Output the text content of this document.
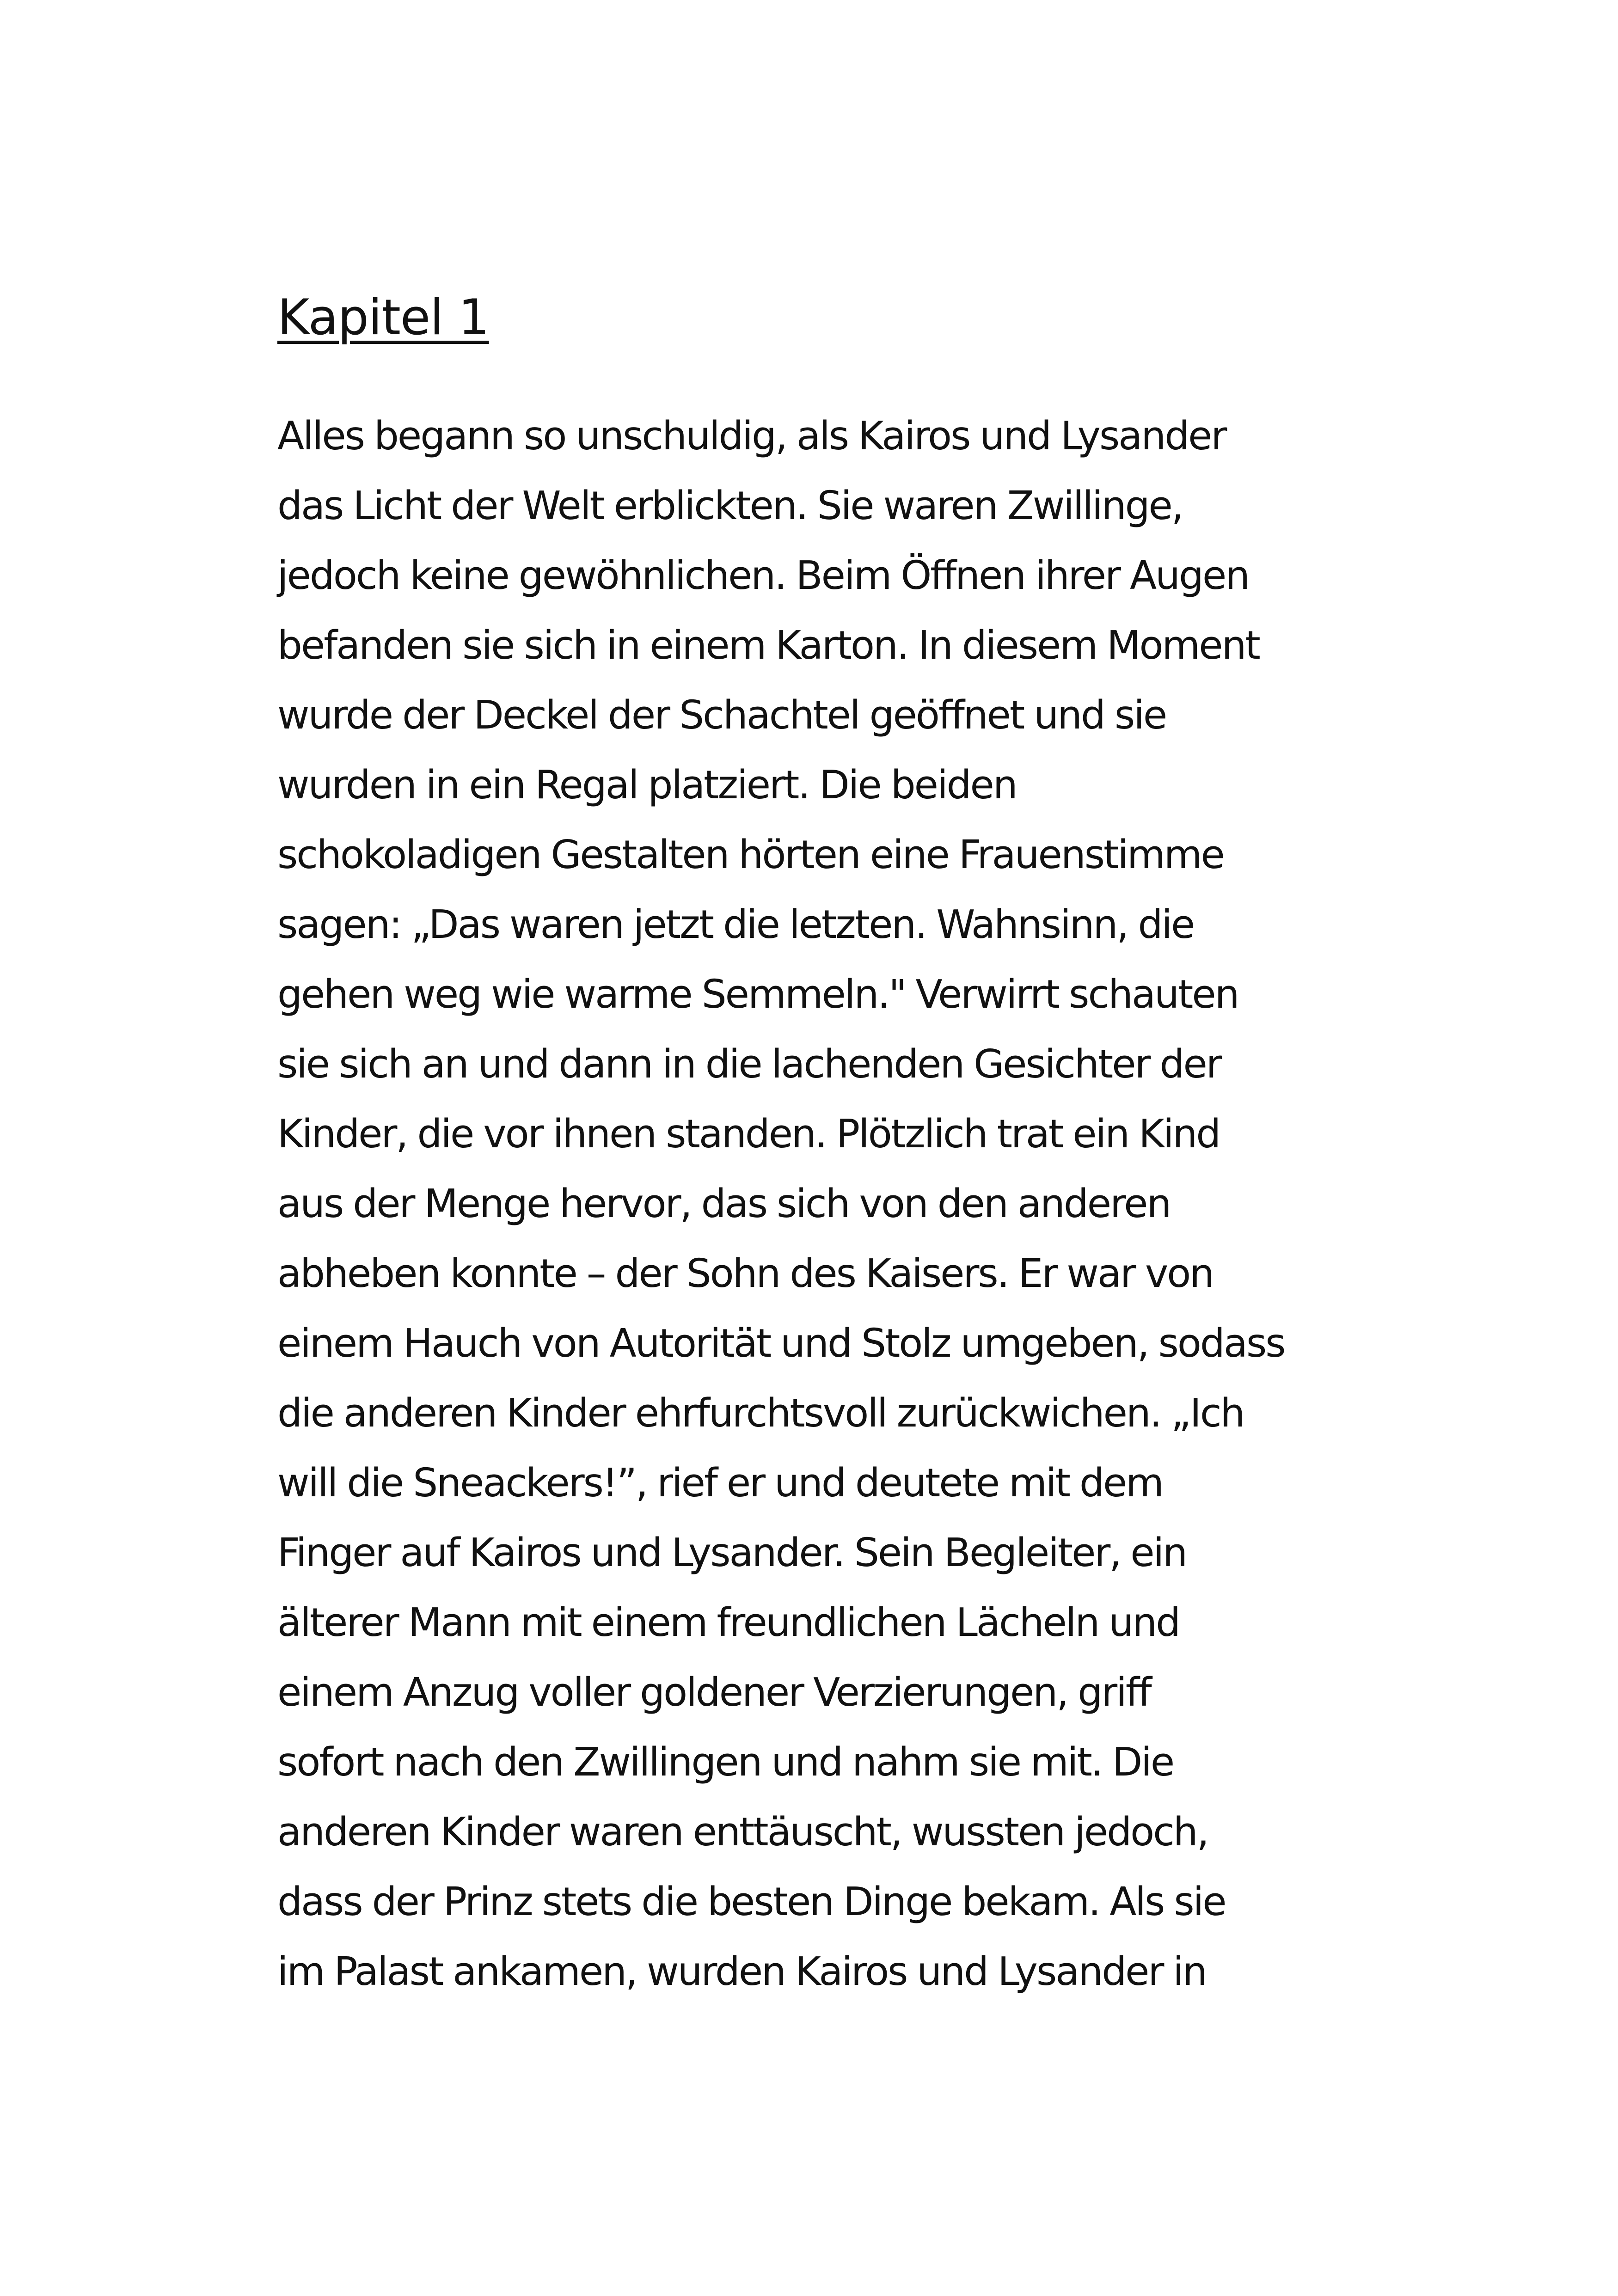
Kapitel 1

Alles begann so unschuldig, als Kairos und Lysander
das Licht der Welt erblickten. Sie waren Zwillinge,
jedoch keine gewöhnlichen. Beim Öffnen ihrer Augen
befanden sie sich in einem Karton. In diesem Moment
wurde der Deckel der Schachtel geöffnet und sie
wurden in ein Regal platziert. Die beiden
schokoladigen Gestalten hörten eine Frauenstimme
sagen: „Das waren jetzt die letzten. Wahnsinn, die
gehen weg wie warme Semmeln." Verwirrt schauten
sie sich an und dann in die lachenden Gesichter der
Kinder, die vor ihnen standen. Plötzlich trat ein Kind
aus der Menge hervor, das sich von den anderen
abheben konnte – der Sohn des Kaisers. Er war von
einem Hauch von Autorität und Stolz umgeben, sodass
die anderen Kinder ehrfurchtsvoll zurückwichen. „Ich
will die Sneackers!”, rief er und deutete mit dem
Finger auf Kairos und Lysander. Sein Begleiter, ein
älterer Mann mit einem freundlichen Lächeln und
einem Anzug voller goldener Verzierungen, griff
sofort nach den Zwillingen und nahm sie mit. Die
anderen Kinder waren enttäuscht, wussten jedoch,
dass der Prinz stets die besten Dinge bekam. Als sie
im Palast ankamen, wurden Kairos und Lysander in
